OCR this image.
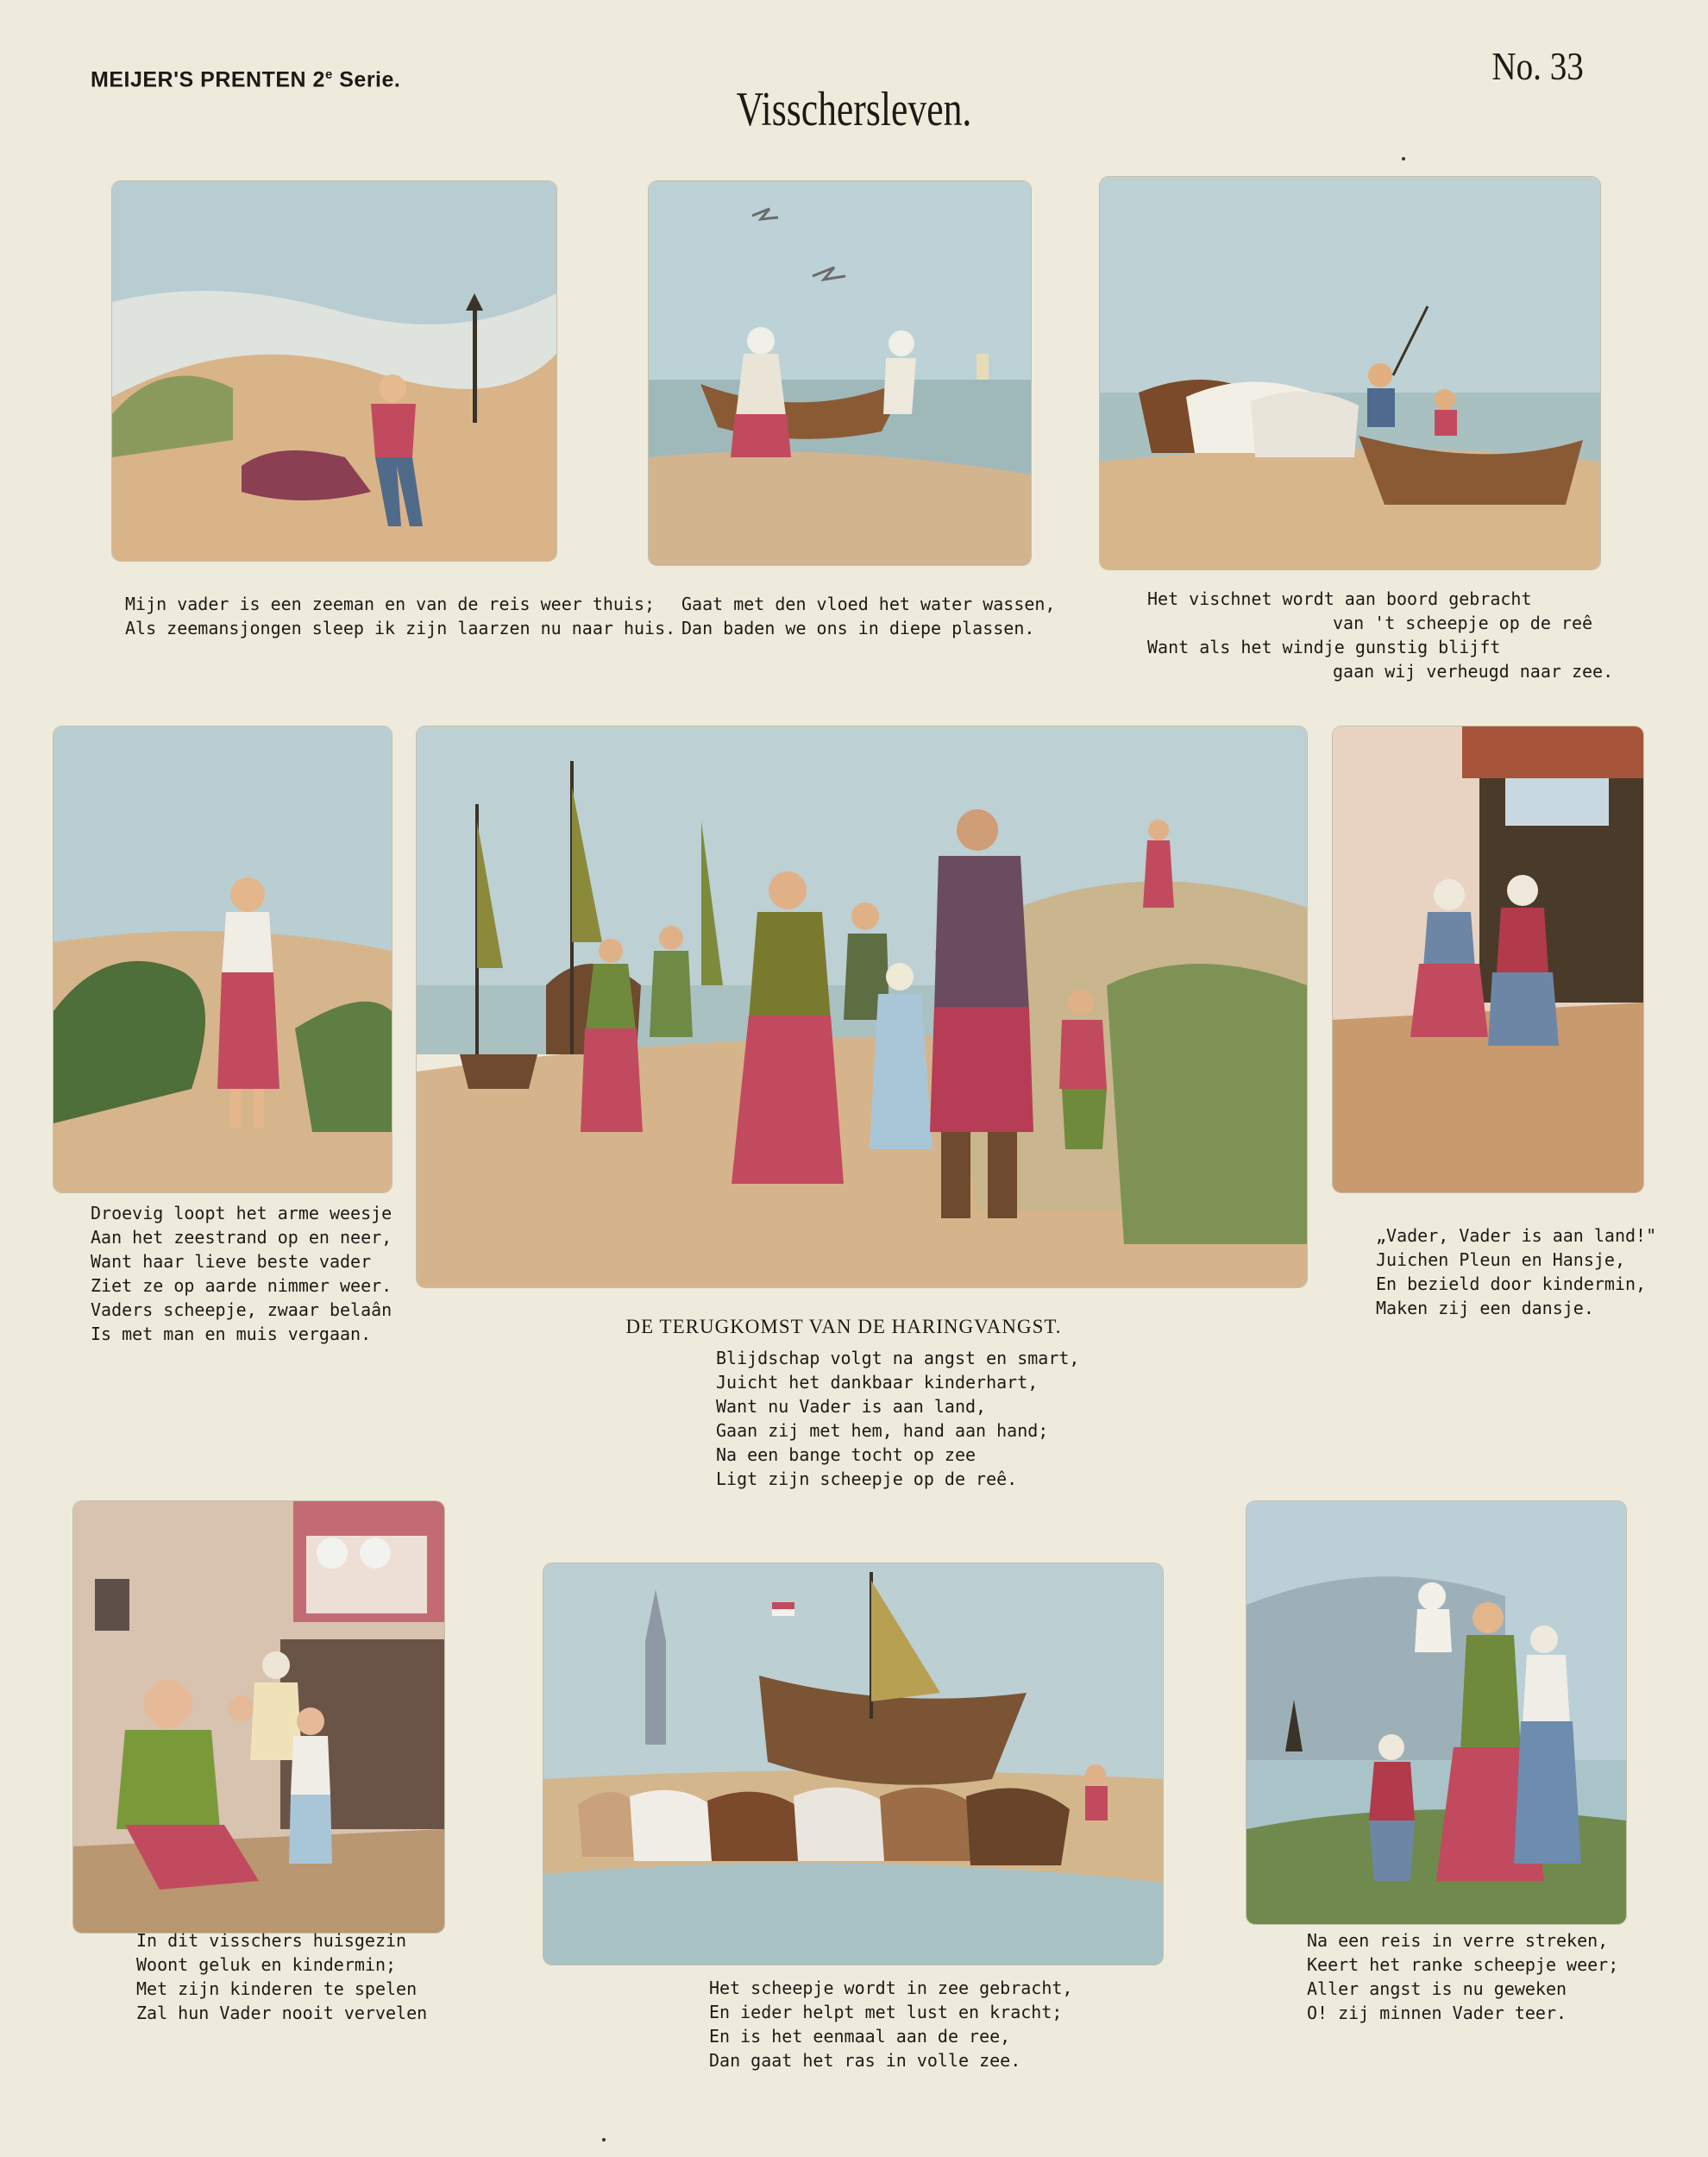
MEIJER'S PRENTEN 2e Serie.
Visschersleven.
No. 33
Mijn vader is een zeeman en van de reis weer thuis;
Als zeemansjongen sleep ik zijn laarzen nu naar huis.
Gaat met den vloed het water wassen,
Dan baden we ons in diepe plassen.
Het vischnet wordt aan boord gebracht
van 't scheepje op de reê
Want als het windje gunstig blijft
gaan wij verheugd naar zee.
Droevig loopt het arme weesje
Aan het zeestrand op en neer,
Want haar lieve beste vader
Ziet ze op aarde nimmer weer.
Vaders scheepje, zwaar belaân
Is met man en muis vergaan.	DE TERUGKOMST VAN DE HARINGVANGST.
Blijdschap volgt na angst en smart,
Juicht het dankbaar kinderhart,
Want nu Vader is aan land,
Gaan zij met hem, hand aan hand;
Na een bange tocht op zee
Ligt zijn scheepje op de reê.
„Vader, Vader is aan land!"
Juichen Pleun en Hansje,
En bezield door kindermin,
Maken zij een dansje.
In dit visschers huisgezin
Woont geluk en kindermin;
Met zijn kinderen te spelen
Zal hun Vader nooit vervelen
Het scheepje wordt in zee gebracht,
En ieder helpt met lust en kracht;
En is het eenmaal aan de ree,
Dan gaat het ras in volle zee.
Na een reis in verre streken,
Keert het ranke scheepje weer;
Aller angst is nu geweken
O! zij minnen Vader teer.
